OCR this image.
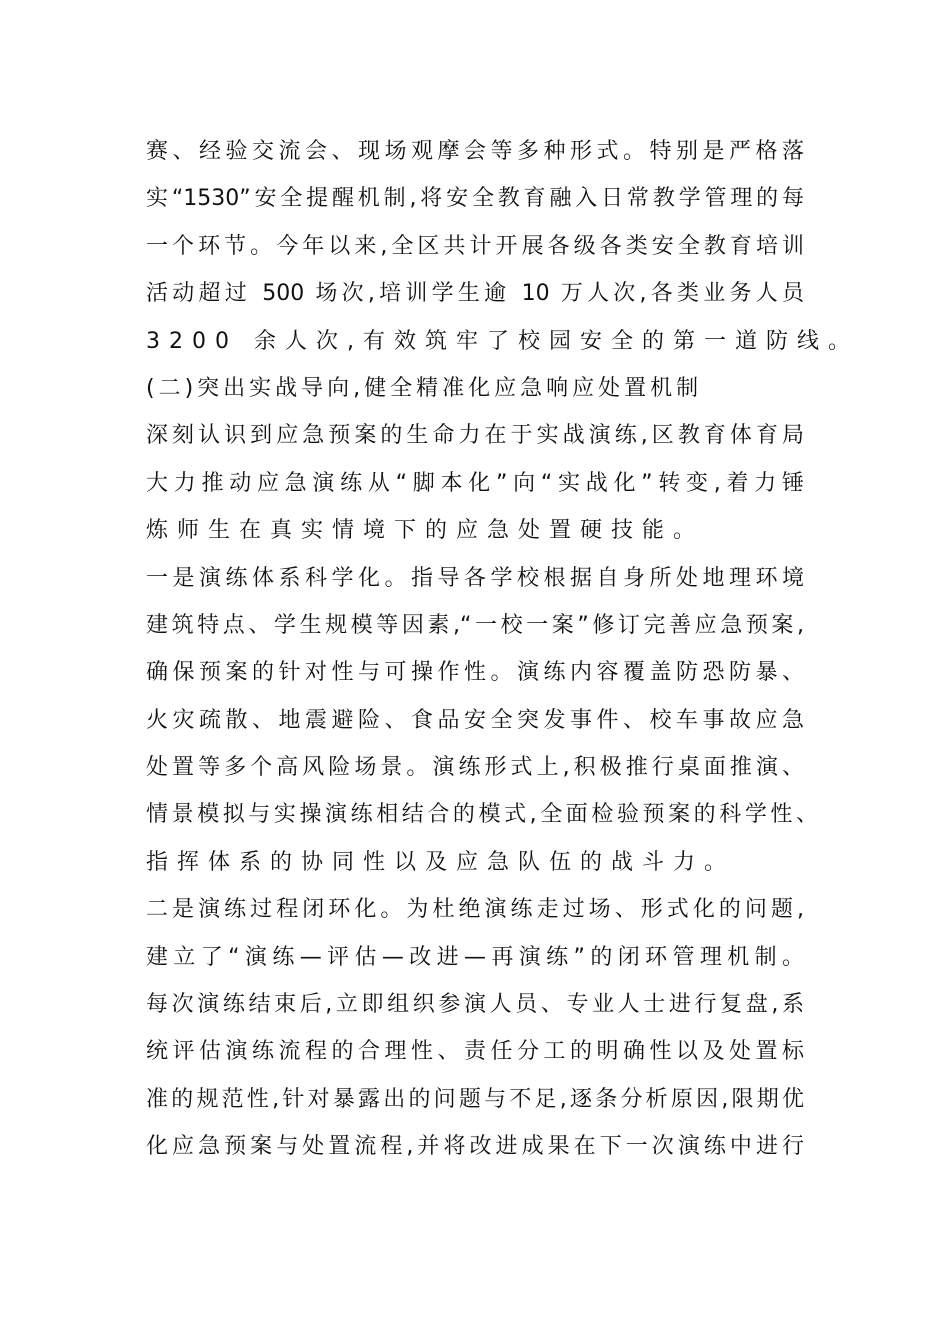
赛、经验交流会、现场观摩会等多种形式。特别是严格落
实“1530”安全提醒机制,将安全教育融入日常教学管理的每
一个环节。今年以来,全区共计开展各级各类安全教育培训
活动超过 500 场次,培训学生逾 10 万人次,各类业务人员
3200 余人次,有效筑牢了校园安全的第一道防线。
(二)突出实战导向,健全精准化应急响应处置机制
深刻认识到应急预案的生命力在于实战演练,区教育体育局
大力推动应急演练从“脚本化”向“实战化”转变,着力锤
炼师生在真实情境下的应急处置硬技能。
一是演练体系科学化。指导各学校根据自身所处地理环境
建筑特点、学生规模等因素,“一校一案”修订完善应急预案,
确保预案的针对性与可操作性。演练内容覆盖防恐防暴、
火灾疏散、地震避险、食品安全突发事件、校车事故应急
处置等多个高风险场景。演练形式上,积极推行桌面推演、
情景模拟与实操演练相结合的模式,全面检验预案的科学性、
指挥体系的协同性以及应急队伍的战斗力。
二是演练过程闭环化。为杜绝演练走过场、形式化的问题,
建立了“演练—评估—改进—再演练”的闭环管理机制。
每次演练结束后,立即组织参演人员、专业人士进行复盘,系
统评估演练流程的合理性、责任分工的明确性以及处置标
准的规范性,针对暴露出的问题与不足,逐条分析原因,限期优
化应急预案与处置流程,并将改进成果在下一次演练中进行
